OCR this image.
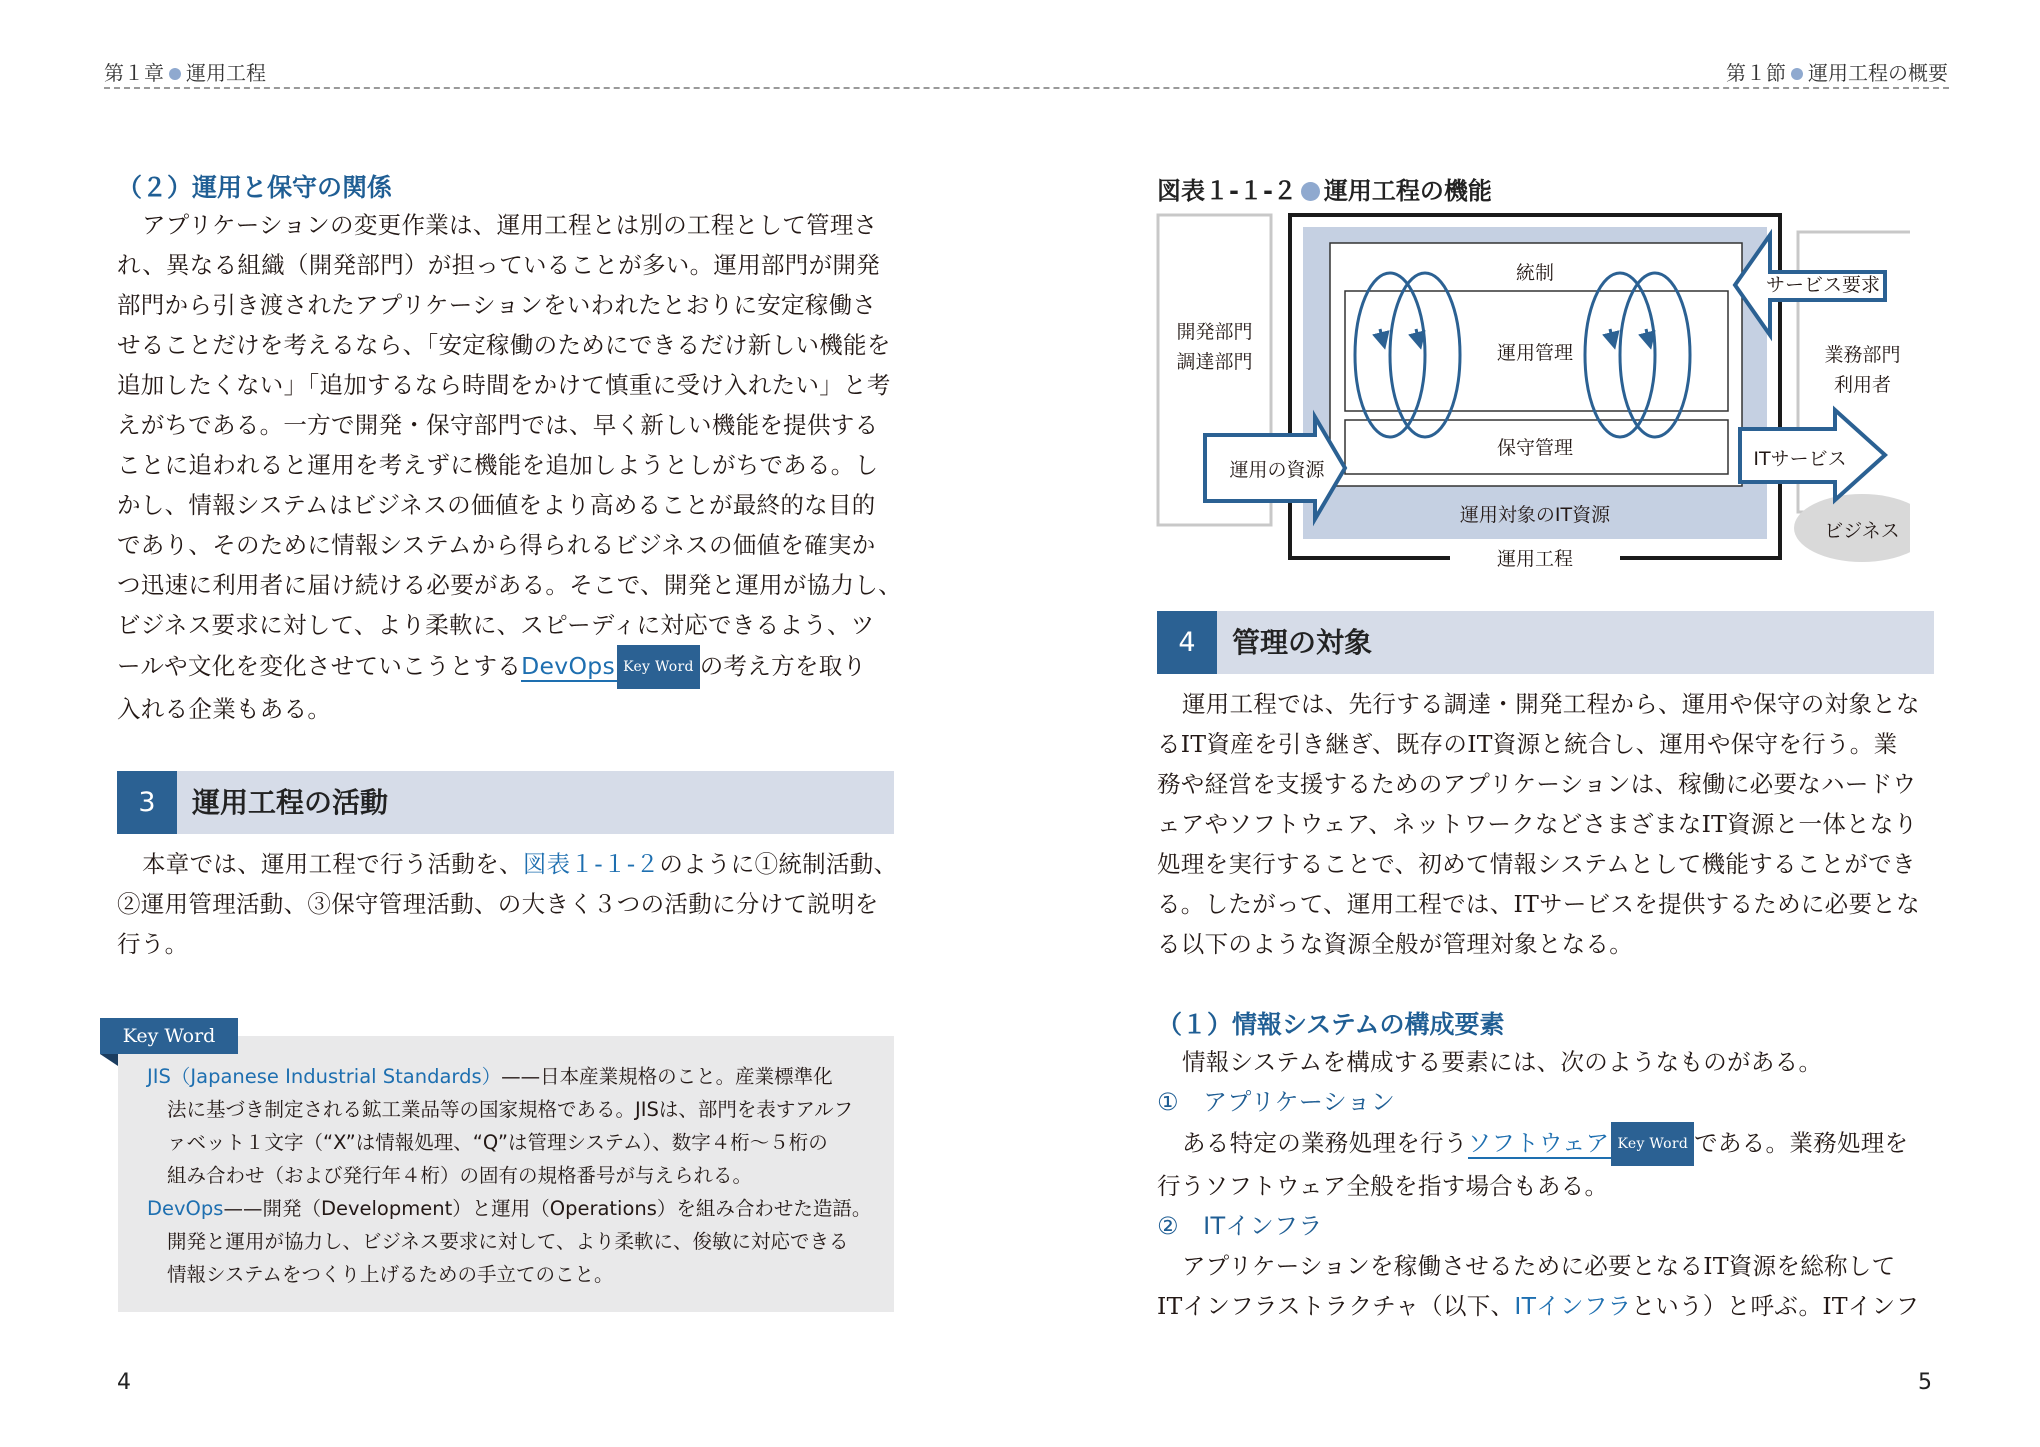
第１章 運用工程	第１節 運用工程の概要
（２）運用と保守の関係
アプリケーションの変更作業は、運用工程とは別の工程として管理さ
れ、異なる組織（開発部門）が担っていることが多い。運用部門が開発
部門から引き渡されたアプリケーションをいわれたとおりに安定稼働さ
せることだけを考えるなら、「安定稼働のためにできるだけ新しい機能を
追加したくない」「追加するなら時間をかけて慎重に受け入れたい」と考
えがちである。一方で開発・保守部門では、早く新しい機能を提供する
ことに追われると運用を考えずに機能を追加しようとしがちである。し
かし、情報システムはビジネスの価値をより高めることが最終的な目的
であり、そのために情報システムから得られるビジネスの価値を確実か
つ迅速に利用者に届け続ける必要がある。そこで、開発と運用が協力し、
ビジネス要求に対して、より柔軟に、スピーディに対応できるよう、ツ
ールや文化を変化させていこうとするDevOps Key Word の考え方を取り
入れる企業もある。
3	運用工程の活動
本章では、運用工程で行う活動を、図表１-１-２のように①統制活動、
②運用管理活動、③保守管理活動、の大きく３つの活動に分けて説明を
行う。
Key Word
JIS（Japanese Industrial Standards）——日本産業規格のこと。産業標準化
法に基づき制定される鉱工業品等の国家規格である。JISは、部門を表すアルフ
ァベット１文字（“X”は情報処理、“Q”は管理システム）、数字４桁～５桁の
組み合わせ（および発行年４桁）の固有の規格番号が与えられる。
DevOps——開発（Development）と運用（Operations）を組み合わせた造語。
開発と運用が協力し、ビジネス要求に対して、より柔軟に、俊敏に対応できる
情報システムをつくり上げるための手立てのこと。
4
図表１-１-２ 運用工程の機能
開発部門
調達部門	業務部門
利用者
統制
運用管理
保守管理
運用対象のIT資源
運用工程
運用の資源
サービス要求
ITサービス
ビジネス
4	管理の対象
運用工程では、先行する調達・開発工程から、運用や保守の対象とな
るIT資産を引き継ぎ、既存のIT資源と統合し、運用や保守を行う。業
務や経営を支援するためのアプリケーションは、稼働に必要なハードウ
ェアやソフトウェア、ネットワークなどさまざまなIT資源と一体となり
処理を実行することで、初めて情報システムとして機能することができ
る。したがって、運用工程では、ITサービスを提供するために必要とな
る以下のような資源全般が管理対象となる。
（１）情報システムの構成要素
情報システムを構成する要素には、次のようなものがある。
①　アプリケーション
ある特定の業務処理を行うソフトウェア Key Word である。業務処理を
行うソフトウェア全般を指す場合もある。
②　ITインフラ
アプリケーションを稼働させるために必要となるIT資源を総称して
ITインフラストラクチャ（以下、ITインフラという）と呼ぶ。ITインフ
5
